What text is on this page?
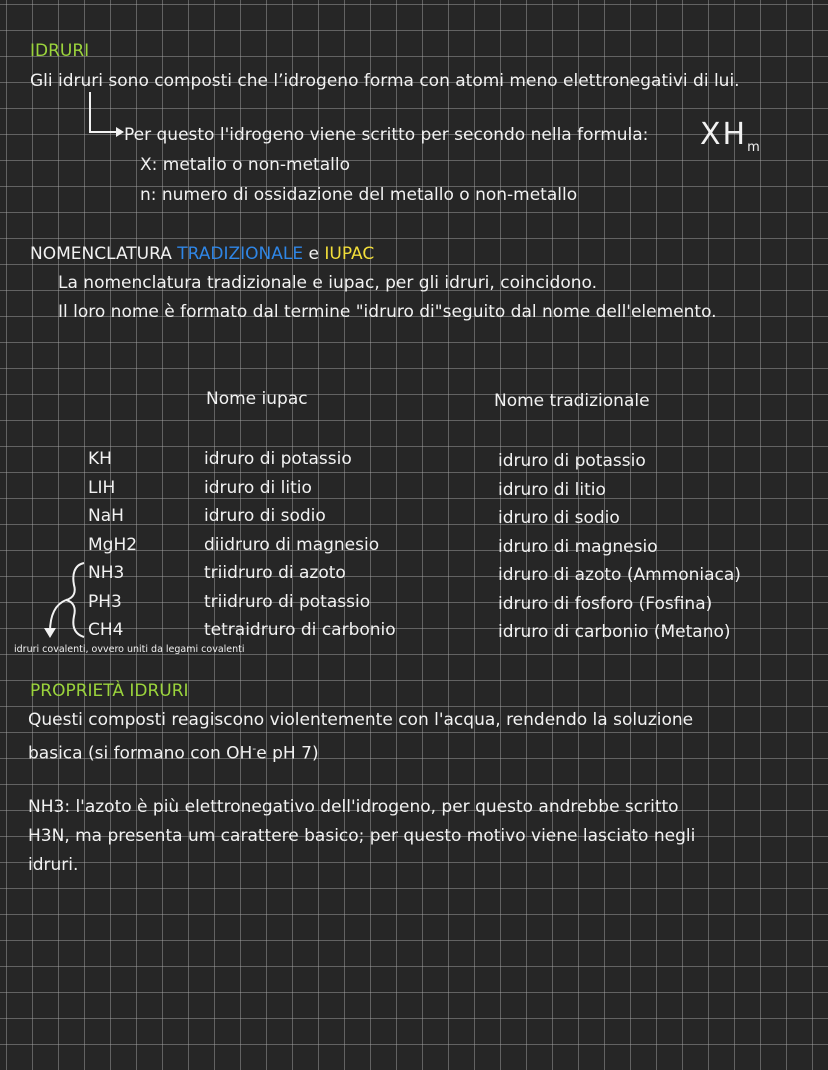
IDRURI
Gli idruri sono composti che l’idrogeno forma con atomi meno elettronegativi di lui.
Per questo l'idrogeno viene scritto per secondo nella formula: $XH_m$
X: metallo o non-metallo
n: numero di ossidazione del metallo o non-metallo
NOMENCLATURA TRADIZIONALE e IUPAC
La nomenclatura tradizionale e iupac, per gli idruri, coincidono.
Il loro nome è formato dal termine "idruro di"seguito dal nome dell'elemento.
Nome iupac	Nome tradizionale
KH	idruro di potassio	idruro di potassio
LIH	idruro di litio	idruro di litio
NaH	idruro di sodio	idruro di sodio
MgH2	diidruro di magnesio	idruro di magnesio
NH3	triidruro di azoto	idruro di azoto (Ammoniaca)
PH3	triidruro di potassio	idruro di fosforo (Fosfina)
CH4	tetraidruro di carbonio	idruro di carbonio (Metano)
idruri covalenti, ovvero uniti da legami covalenti
PROPRIETÀ IDRURI
Questi composti reagiscono violentemente con l'acqua, rendendo la soluzione
basica (si formano con OH-e pH 7)
NH3: l'azoto è più elettronegativo dell'idrogeno, per questo andrebbe scritto
H3N, ma presenta um carattere basico; per questo motivo viene lasciato negli
idruri.
